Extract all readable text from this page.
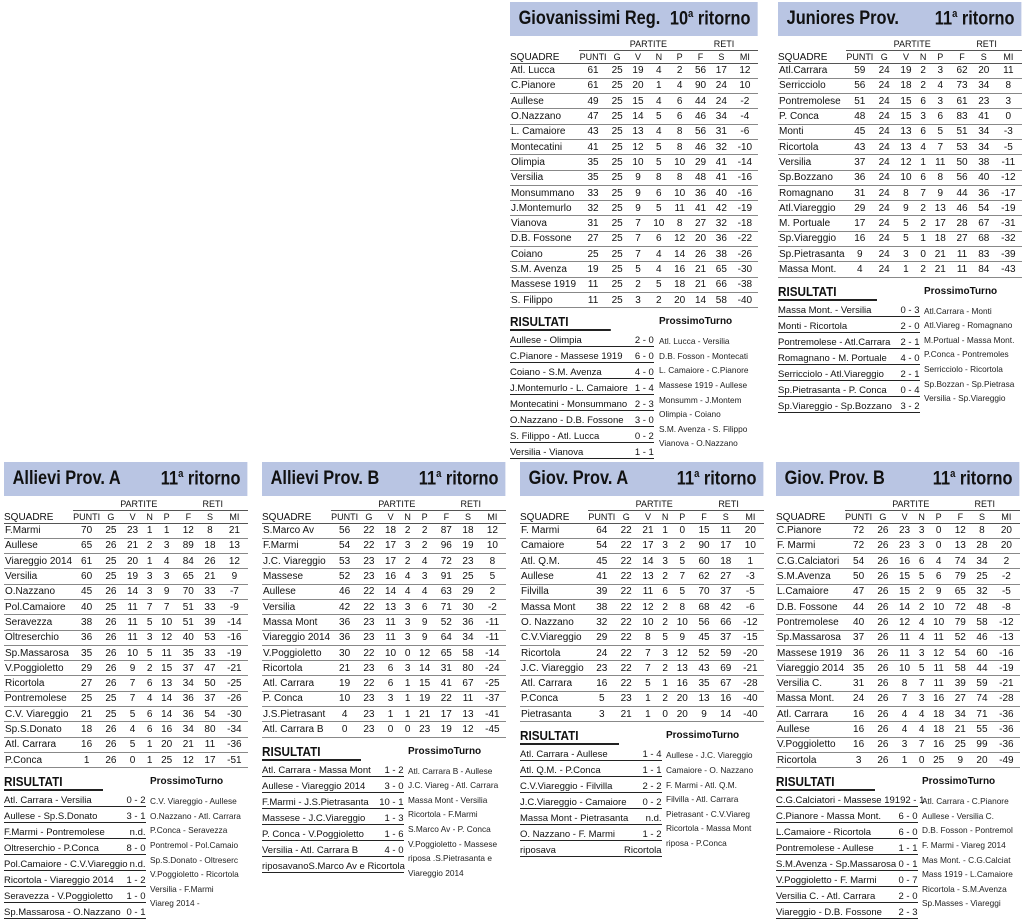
Giovanissimi Reg. 10$^a$ ritorno
SQUADRE		PARTITE				RETI		
	PUNTI	G	V	N	P	F	S	MI
Atl. Lucca	61	25	19	4	2	56	17	12
C.Pianore	61	25	20	1	4	90	24	10
Aullese	49	25	15	4	6	44	24	-2
O.Nazzano	47	25	14	5	6	46	34	-4
L. Camaiore	43	25	13	4	8	56	31	-6
Montecatini	41	25	12	5	8	46	32	-10
Olimpia	35	25	10	5	10	29	41	-14
Versilia	35	25	9	8	8	48	41	-16
Monsummano	33	25	9	6	10	36	40	-16
J.Montemurlo	32	25	9	5	11	41	42	-19
Vianova	31	25	7	10	8	27	32	-18
D.B. Fossone	27	25	7	6	12	20	36	-22
Coiano	25	25	7	4	14	26	38	-26
S.M. Avenza	19	25	5	4	16	21	65	-30
Massese 1919	11	25	2	5	18	21	66	-38
S. Filippo	11	25	3	2	20	14	58	-40
RISULTATI	ProssimoTurno
Aullese - Olimpia	2 - 0
C.Pianore - Massese 1919 6 - 0
Coiano - S.M. Avenza	4 - 0
J.Montemurlo - L. Camaiore 1 - 4
Montecatini - Monsummano 2 - 3
O.Nazzano - D.B. Fossone 3 - 0
S. Filippo - Atl. Lucca	0 - 2
Versilia - Vianova	1 - 1
Atl. Lucca - Versilia
D.B. Fosson - Montecati
L. Camaiore - C.Pianore
Massese 1919 - Aullese
Monsumm - J.Montem
Olimpia - Coiano
S.M. Avenza - S. Filippo
Vianova - O.Nazzano
Juniores Prov. 11$^a$ ritorno
SQUADRE		PARTITE				RETI		
	PUNTI	G	V	N	P	F	S	MI
Atl.Carrara	59	24	19	2	3	62	20	11
Serricciolo	56	24	18	2	4	73	34	8
Pontremolese	51	24	15	6	3	61	23	3
P. Conca	48	24	15	3	6	83	41	0
Monti	45	24	13	6	5	51	34	-3
Ricortola	43	24	13	4	7	53	34	-5
Versilia	37	24	12	1	11	50	38	-11
Sp.Bozzano	36	24	10	6	8	56	40	-12
Romagnano	31	24	8	7	9	44	36	-17
Atl.Viareggio	29	24	9	2	13	46	54	-19
M. Portuale	17	24	5	2	17	28	67	-31
Sp.Viareggio	16	24	5	1	18	27	68	-32
Sp.Pietrasanta	9	24	3	0	21	11	83	-39
Massa Mont.	4	24	1	2	21	11	84	-43
RISULTATI	ProssimoTurno
Massa Mont. - Versilia	0 - 3
Monti - Ricortola	2 - 0
Pontremolese - Atl.Carrara 2 - 1
Romagnano - M. Portuale 4 - 0
Serricciolo - Atl.Viareggio 2 - 1
Sp.Pietrasanta - P. Conca 0 - 4
Sp.Viareggio - Sp.Bozzano 3 - 2
Atl.Carrara - Monti
Atl.Viareg - Romagnano
M.Portual - Massa Mont.
P.Conca - Pontremoles
Serricciolo - Ricortola
Sp.Bozzan - Sp.Pietrasa
Versilia - Sp.Viareggio
Allievi Prov. A 11$^a$ ritorno
SQUADRE		PARTITE				RETI		
	PUNTI	G	V	N	P	F	S	MI
F.Marmi	70	25	23	1	1	12	8	21
Aullese	65	26	21	2	3	89	18	13
Viareggio 2014	61	25	20	1	4	84	26	12
Versilia	60	25	19	3	3	65	21	9
O.Nazzano	45	26	14	3	9	70	33	-7
Pol.Camaiore	40	25	11	7	7	51	33	-9
Seravezza	38	26	11	5	10	51	39	-14
Oltreserchio	36	26	11	3	12	40	53	-16
Sp.Massarosa	35	26	10	5	11	35	33	-19
V.Poggioletto	29	26	9	2	15	37	47	-21
Ricortola	27	26	7	6	13	34	50	-25
Pontremolese	25	25	7	4	14	36	37	-26
C.V. Viareggio	21	25	5	6	14	36	54	-30
Sp.S.Donato	18	26	4	6	16	34	80	-34
Atl. Carrara	16	26	5	1	20	21	11	-36
P.Conca	1	26	0	1	25	12	17	-51
RISULTATI	ProssimoTurno
Atl. Carrara - Versilia	0 - 2
Aullese - Sp.S.Donato	3 - 1
F.Marmi - Pontremolese	n.d.
Oltreserchio - P.Conca	8 - 0
Pol.Camaiore - C.V.Viareggio n.d.
Ricortola - Viareggio 2014 1 - 2
Seravezza - V.Poggioletto 1 - 0
Sp.Massarosa - O.Nazzano 0 - 1
C.V. Viareggio - Aullese
O.Nazzano - Atl. Carrara
P.Conca - Seravezza
Pontremol - Pol.Camaio
Sp.S.Donato - Oltreserc
V.Poggioletto - Ricortola
Versilia - F.Marmi
Viareg 2014 -
Allievi Prov. B 11$^a$ ritorno
SQUADRE		PARTITE				RETI		
	PUNTI	G	V	N	P	F	S	MI
S.Marco Av	56	22	18	2	2	87	18	12
F.Marmi	54	22	17	3	2	96	19	10
J.C. Viareggio	53	23	17	2	4	72	23	8
Massese	52	23	16	4	3	91	25	5
Aullese	46	22	14	4	4	63	29	2
Versilia	42	22	13	3	6	71	30	-2
Massa Mont	36	23	11	3	9	52	36	-11
Viareggio 2014	36	23	11	3	9	64	34	-11
V.Poggioletto	30	22	10	0	12	65	58	-14
Ricortola	21	23	6	3	14	31	80	-24
Atl. Carrara	19	22	6	1	15	41	67	-25
P. Conca	10	23	3	1	19	22	11	-37
J.S.Pietrasant	4	23	1	1	21	17	13	-41
Atl. Carrara B	0	23	0	0	23	19	12	-45
RISULTATI	ProssimoTurno
Atl. Carrara - Massa Mont 1 - 2
Aullese - Viareggio 2014 3 - 0
F.Marmi - J.S.Pietrasanta 10 - 1
Massese - J.C.Viareggio 1 - 3
P. Conca - V.Poggioletto 1 - 6
Versilia - Atl. Carrara B	4 - 0
riposavano S.Marco Av e Ricortola
Atl. Carrara B - Aullese
J.C. Viareg - Atl. Carrara
Massa Mont - Versilia
Ricortola - F.Marmi
S.Marco Av - P. Conca
V.Poggioletto - Massese
riposa .S.Pietrasanta e
Viareggio 2014
Giov. Prov. A	11$^a$ ritorno
SQUADRE		PARTITE				RETI		
	PUNTI	G	V	N	P	F	S	MI
F. Marmi	64	22	21	1	0	15	11	20
Camaiore	54	22	17	3	2	90	17	10
Atl. Q.M.	45	22	14	3	5	60	18	1
Aullese	41	22	13	2	7	62	27	-3
Filvilla	39	22	11	6	5	70	37	-5
Massa Mont	38	22	12	2	8	68	42	-6
O. Nazzano	32	22	10	2	10	56	66	-12
C.V.Viareggio	29	22	8	5	9	45	37	-15
Ricortola	24	22	7	3	12	52	59	-20
J.C. Viareggio	23	22	7	2	13	43	69	-21
Atl. Carrara	16	22	5	1	16	35	67	-28
P.Conca	5	23	1	2	20	13	16	-40
Pietrasanta	3	21	1	0	20	9	14	-40
RISULTATI	ProssimoTurno
Atl. Carrara - Aullese	1 - 4
Atl. Q.M. - P.Conca	1 - 1
C.V.Viareggio - Filvilla	2 - 2
J.C.Viareggio - Camaiore 0 - 2
Massa Mont - Pietrasanta n.d.
O. Nazzano - F. Marmi	1 - 2
riposava	Ricortola
Aullese - J.C. Viareggio
Camaiore - O. Nazzano
F. Marmi - Atl. Q.M.
Filvilla - Atl. Carrara
Pietrasant - C.V.Viareg
Ricortola - Massa Mont
riposa - P.Conca
Giov. Prov. B	11$^a$ ritorno
SQUADRE		PARTITE				RETI		
	PUNTI	G	V	N	P	F	S	MI
C.Pianore	72	26	23	3	0	12	8	20
F. Marmi	72	26	23	3	0	13	28	20
C.G.Calciatori	54	26	16	6	4	74	34	2
S.M.Avenza	50	26	15	5	6	79	25	-2
L.Camaiore	47	26	15	2	9	65	32	-5
D.B. Fossone	44	26	14	2	10	72	48	-8
Pontremolese	40	26	12	4	10	79	58	-12
Sp.Massarosa	37	26	11	4	11	52	46	-13
Massese 1919	36	26	11	3	12	54	60	-16
Viareggio 2014	35	26	10	5	11	58	44	-19
Versilia C.	31	26	8	7	11	39	59	-21
Massa Mont.	24	26	7	3	16	27	74	-28
Atl. Carrara	16	26	4	4	18	34	71	-36
Aullese	16	26	4	4	18	21	55	-36
V.Poggioletto	16	26	3	7	16	25	99	-36
Ricortola	3	26	1	0	25	9	20	-49
RISULTATI	ProssimoTurno
C.G.Calciatori - Massese 1919 2 - 1
C.Pianore - Massa Mont. 6 - 0
L.Camaiore - Ricortola	6 - 0
Pontremolese - Aullese	1 - 1
S.M.Avenza - Sp.Massarosa 0 - 1
V.Poggioletto - F. Marmi 0 - 7
Versilia C. - Atl. Carrara 2 - 0
Viareggio - D.B. Fossone 2 - 3
Atl. Carrara - C.Pianore
Aullese - Versilia C.
D.B. Fosson - Pontremol
F. Marmi - Viareg 2014
Mas Mont. - C.G.Calciat
Mass 1919 - L.Camaiore
Ricortola - S.M.Avenza
Sp.Masses - Viareggi
